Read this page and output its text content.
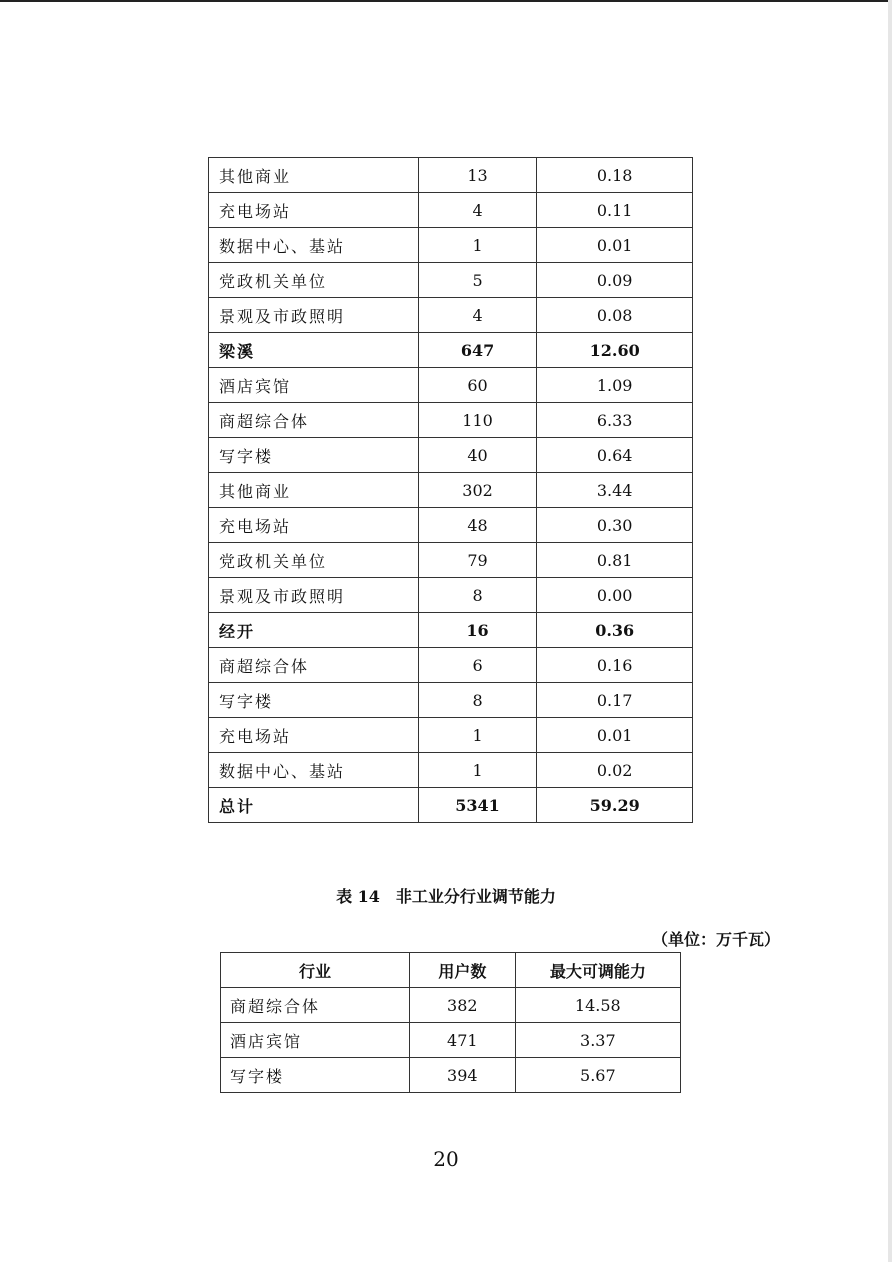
其他商业	13	0.18
充电场站	4	0.11
数据中心、基站	1	0.01
党政机关单位	5	0.09
景观及市政照明	4	0.08
梁溪	647	12.60
酒店宾馆	60	1.09
商超综合体	110	6.33
写字楼	40	0.64
其他商业	302	3.44
充电场站	48	0.30
党政机关单位	79	0.81
景观及市政照明	8	0.00
经开	16	0.36
商超综合体	6	0.16
写字楼	8	0.17
充电场站	1	0.01
数据中心、基站	1	0.02
总计	5341	59.29
表 14　非工业分行业调节能力
（单位：万千瓦）
行业	用户数	最大可调能力
商超综合体	382	14.58
酒店宾馆	471	3.37
写字楼	394	5.67
20
